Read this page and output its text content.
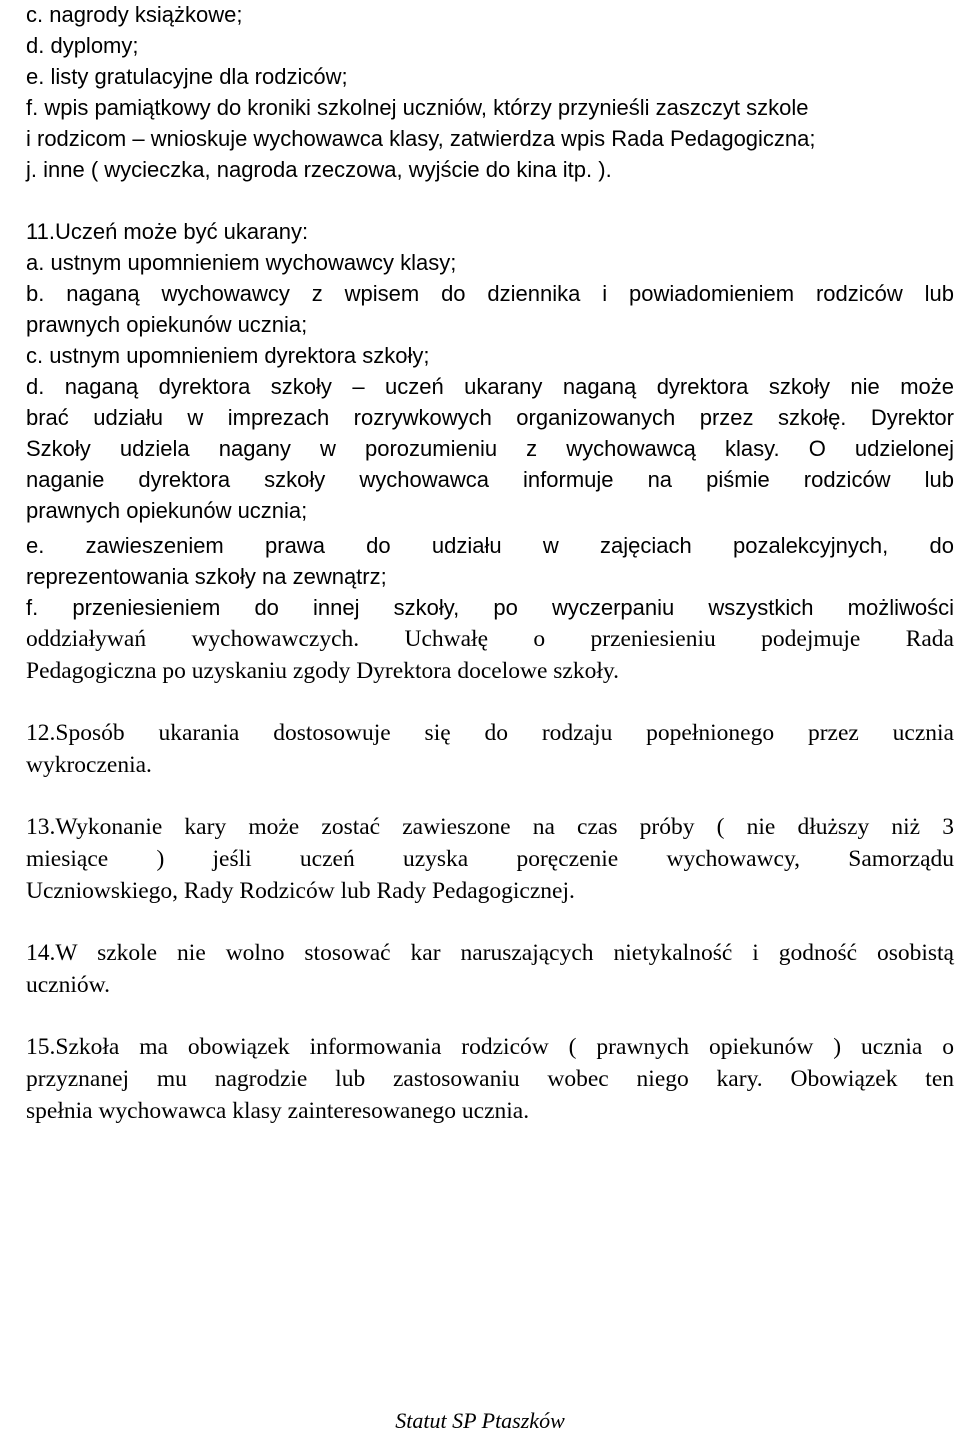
c. nagrody książkowe;
d. dyplomy;
e. listy gratulacyjne dla rodziców;
f. wpis pamiątkowy do kroniki szkolnej uczniów, którzy przynieśli zaszczyt szkole
i rodzicom – wnioskuje wychowawca klasy, zatwierdza wpis Rada Pedagogiczna;
j. inne ( wycieczka, nagroda rzeczowa, wyjście do kina itp. ).
11.Uczeń może być ukarany:
a. ustnym upomnieniem wychowawcy klasy;
b. naganą wychowawcy z wpisem do dziennika i powiadomieniem rodziców lub
prawnych opiekunów ucznia;
c. ustnym upomnieniem dyrektora szkoły;
d. naganą dyrektora szkoły – uczeń ukarany naganą dyrektora szkoły nie może
brać udziału w imprezach rozrywkowych organizowanych przez szkołę. Dyrektor
Szkoły udziela nagany w porozumieniu z wychowawcą klasy. O udzielonej
naganie dyrektora szkoły wychowawca informuje na piśmie rodziców lub
prawnych opiekunów ucznia;
e. zawieszeniem prawa do udziału w zajęciach pozalekcyjnych, do
reprezentowania szkoły na zewnątrz;
f. przeniesieniem do innej szkoły, po wyczerpaniu wszystkich możliwości
oddziaływań wychowawczych. Uchwałę o przeniesieniu podejmuje Rada
Pedagogiczna po uzyskaniu zgody Dyrektora docelowe szkoły.
12.Sposób ukarania dostosowuje się do rodzaju popełnionego przez ucznia
wykroczenia.
13.Wykonanie kary może zostać zawieszone na czas próby ( nie dłuższy niż 3
miesiące ) jeśli uczeń uzyska poręczenie wychowawcy, Samorządu
Uczniowskiego, Rady Rodziców lub Rady Pedagogicznej.
14.W szkole nie wolno stosować kar naruszających nietykalność i godność osobistą
uczniów.
15.Szkoła ma obowiązek informowania rodziców ( prawnych opiekunów ) ucznia o
przyznanej mu nagrodzie lub zastosowaniu wobec niego kary. Obowiązek ten
spełnia wychowawca klasy zainteresowanego ucznia.
Statut SP Ptaszków
